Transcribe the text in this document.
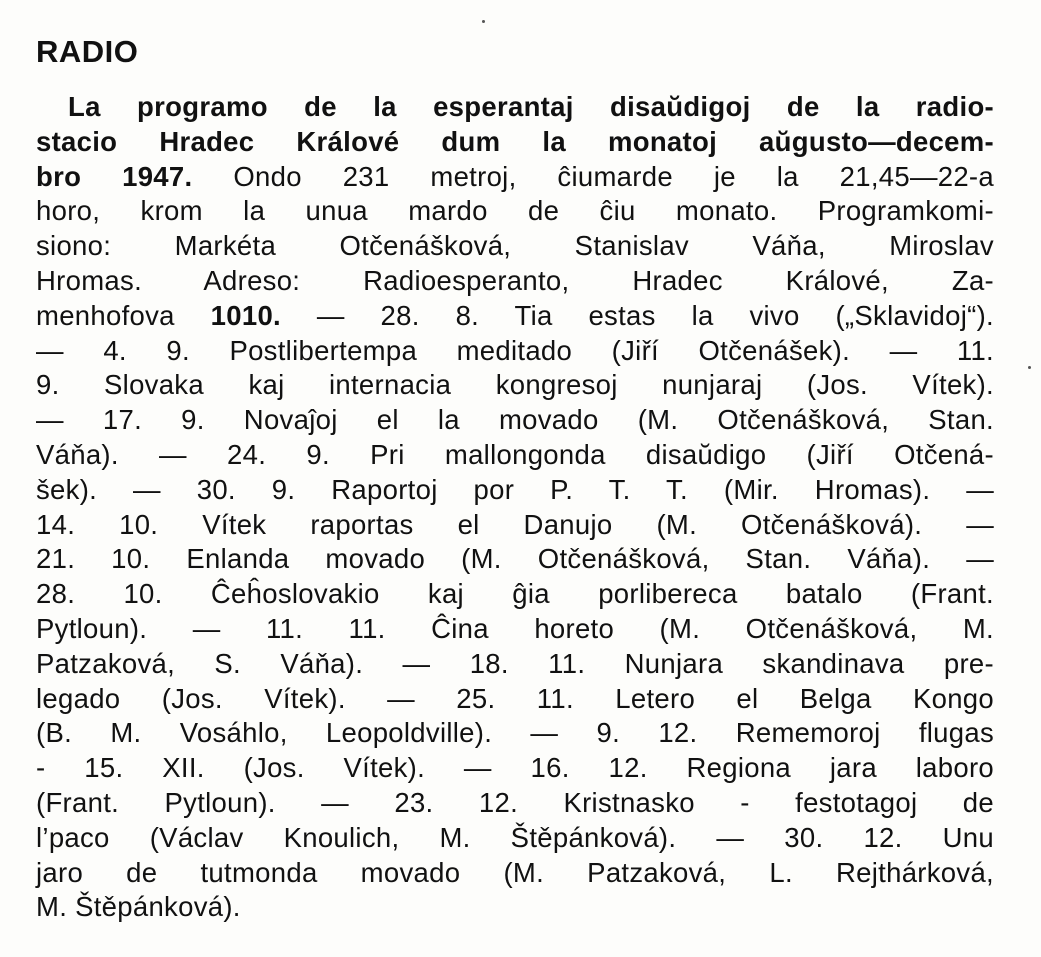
RADIO
La programo de la esperantaj disaŭdigoj de la radio-
stacio Hradec Králové dum la monatoj aŭgusto—decem-
bro 1947. Ondo 231 metroj, ĉiumarde je la 21,45—22-a
horo, krom la unua mardo de ĉiu monato. Programkomi-
siono: Markéta Otčenášková, Stanislav Váňa, Miroslav
Hromas. Adreso: Radioesperanto, Hradec Králové, Za-
menhofova 1010. — 28. 8. Tia estas la vivo („Sklavidoj“).
— 4. 9. Postlibertempa meditado (Jiří Otčenášek). — 11.
9. Slovaka kaj internacia kongresoj nunjaraj (Jos. Vítek).
— 17. 9. Novaĵoj el la movado (M. Otčenášková, Stan.
Váňa). — 24. 9. Pri mallongonda disaŭdigo (Jiří Otčená-
šek). — 30. 9. Raportoj por P. T. T. (Mir. Hromas). —
14. 10. Vítek raportas el Danujo (M. Otčenášková). —
21. 10. Enlanda movado (M. Otčenášková, Stan. Váňa). —
28. 10. Ĉeĥoslovakio kaj ĝia porlibereca batalo (Frant.
Pytloun). — 11. 11. Ĉina horeto (M. Otčenášková, M.
Patzaková, S. Váňa). — 18. 11. Nunjara skandinava pre-
legado (Jos. Vítek). — 25. 11. Letero el Belga Kongo
(B. M. Vosáhlo, Leopoldville). — 9. 12. Rememoroj flugas
- 15. XII. (Jos. Vítek). — 16. 12. Regiona jara laboro
(Frant. Pytloun). — 23. 12. Kristnasko - festotagoj de
l’paco (Václav Knoulich, M. Štěpánková). — 30. 12. Unu
jaro de tutmonda movado (M. Patzaková, L. Rejthárková,
M. Štěpánková).
